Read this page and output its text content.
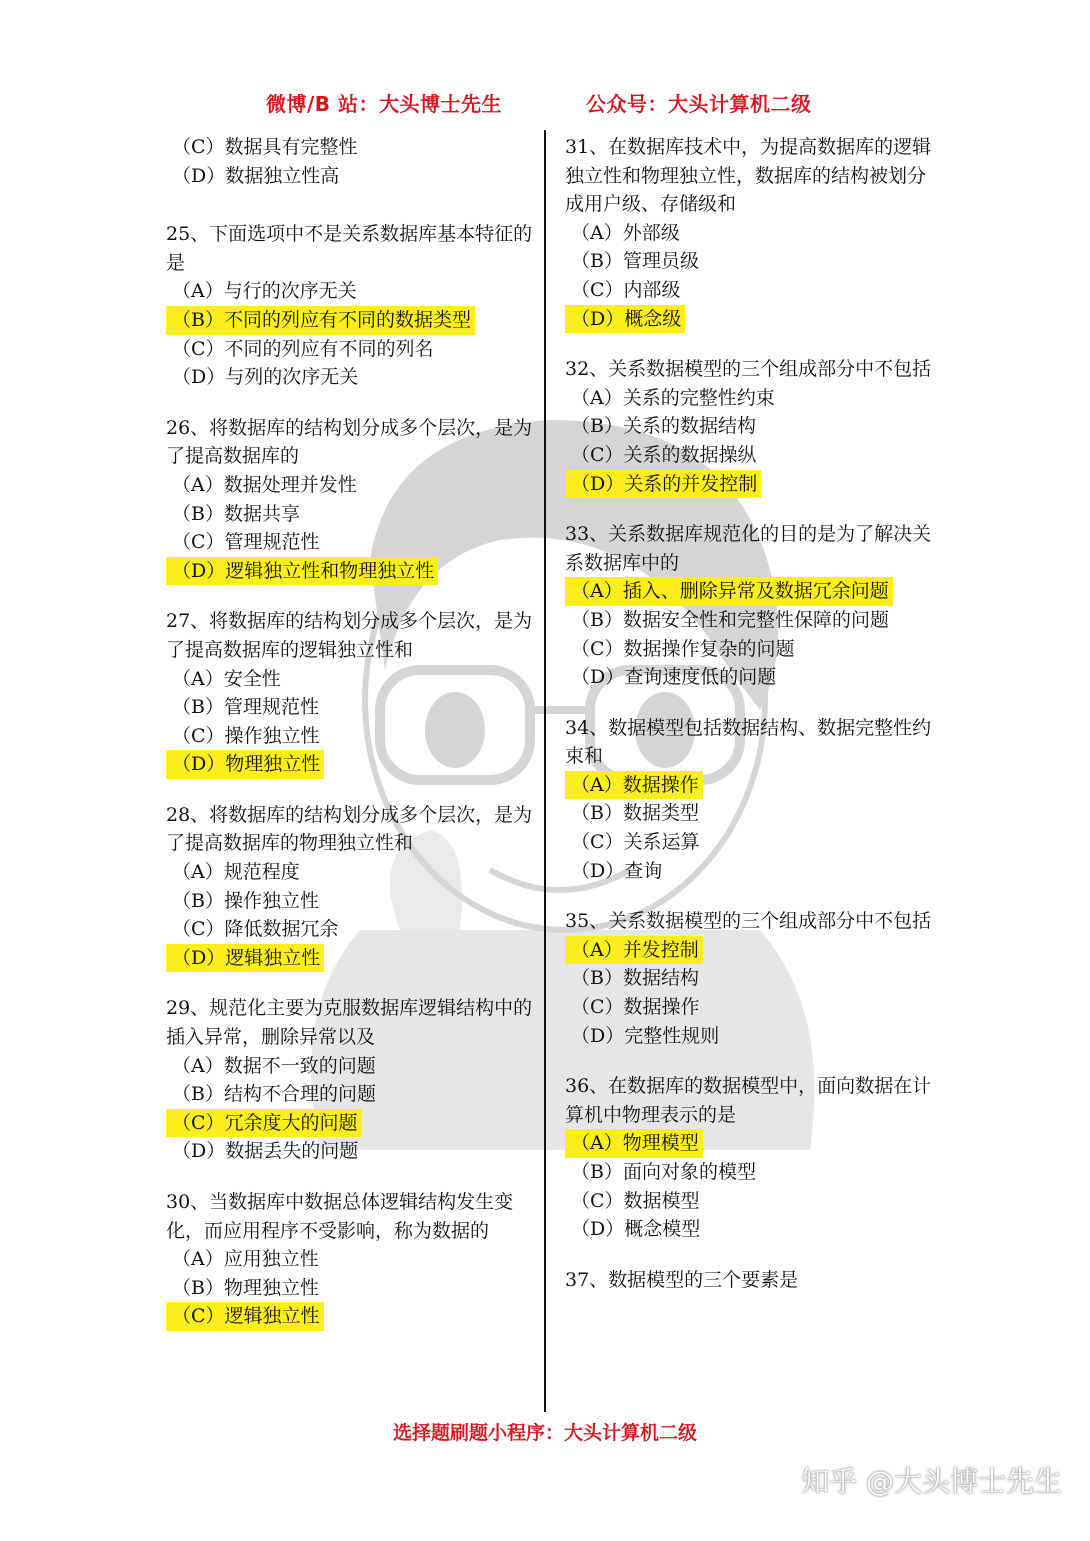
微博/B 站：大头博士先生	公众号：大头计算机二级
（C）数据具有完整性
（D）数据独立性高
25、下面选项中不是关系数据库基本特征的是
（A）与行的次序无关
（B）不同的列应有不同的数据类型
（C）不同的列应有不同的列名
（D）与列的次序无关
26、将数据库的结构划分成多个层次，是为了提高数据库的
（A）数据处理并发性
（B）数据共享
（C）管理规范性
（D）逻辑独立性和物理独立性
27、将数据库的结构划分成多个层次，是为了提高数据库的逻辑独立性和
（A）安全性
（B）管理规范性
（C）操作独立性
（D）物理独立性
28、将数据库的结构划分成多个层次，是为了提高数据库的物理独立性和
（A）规范程度
（B）操作独立性
（C）降低数据冗余
（D）逻辑独立性
29、规范化主要为克服数据库逻辑结构中的插入异常，删除异常以及
（A）数据不一致的问题
（B）结构不合理的问题
（C）冗余度大的问题
（D）数据丢失的问题
30、当数据库中数据总体逻辑结构发生变化，而应用程序不受影响，称为数据的
（A）应用独立性
（B）物理独立性
（C）逻辑独立性
31、在数据库技术中，为提高数据库的逻辑独立性和物理独立性，数据库的结构被划分成用户级、存储级和
（A）外部级
（B）管理员级
（C）内部级
（D）概念级
32、关系数据模型的三个组成部分中不包括
（A）关系的完整性约束
（B）关系的数据结构
（C）关系的数据操纵
（D）关系的并发控制
33、关系数据库规范化的目的是为了解决关系数据库中的
（A）插入、删除异常及数据冗余问题
（B）数据安全性和完整性保障的问题
（C）数据操作复杂的问题
（D）查询速度低的问题
34、数据模型包括数据结构、数据完整性约束和
（A）数据操作
（B）数据类型
（C）关系运算
（D）查询
35、关系数据模型的三个组成部分中不包括
（A）并发控制
（B）数据结构
（C）数据操作
（D）完整性规则
36、在数据库的数据模型中，面向数据在计算机中物理表示的是
（A）物理模型
（B）面向对象的模型
（C）数据模型
（D）概念模型
37、数据模型的三个要素是
选择题刷题小程序：大头计算机二级
知乎 @大头博士先生
